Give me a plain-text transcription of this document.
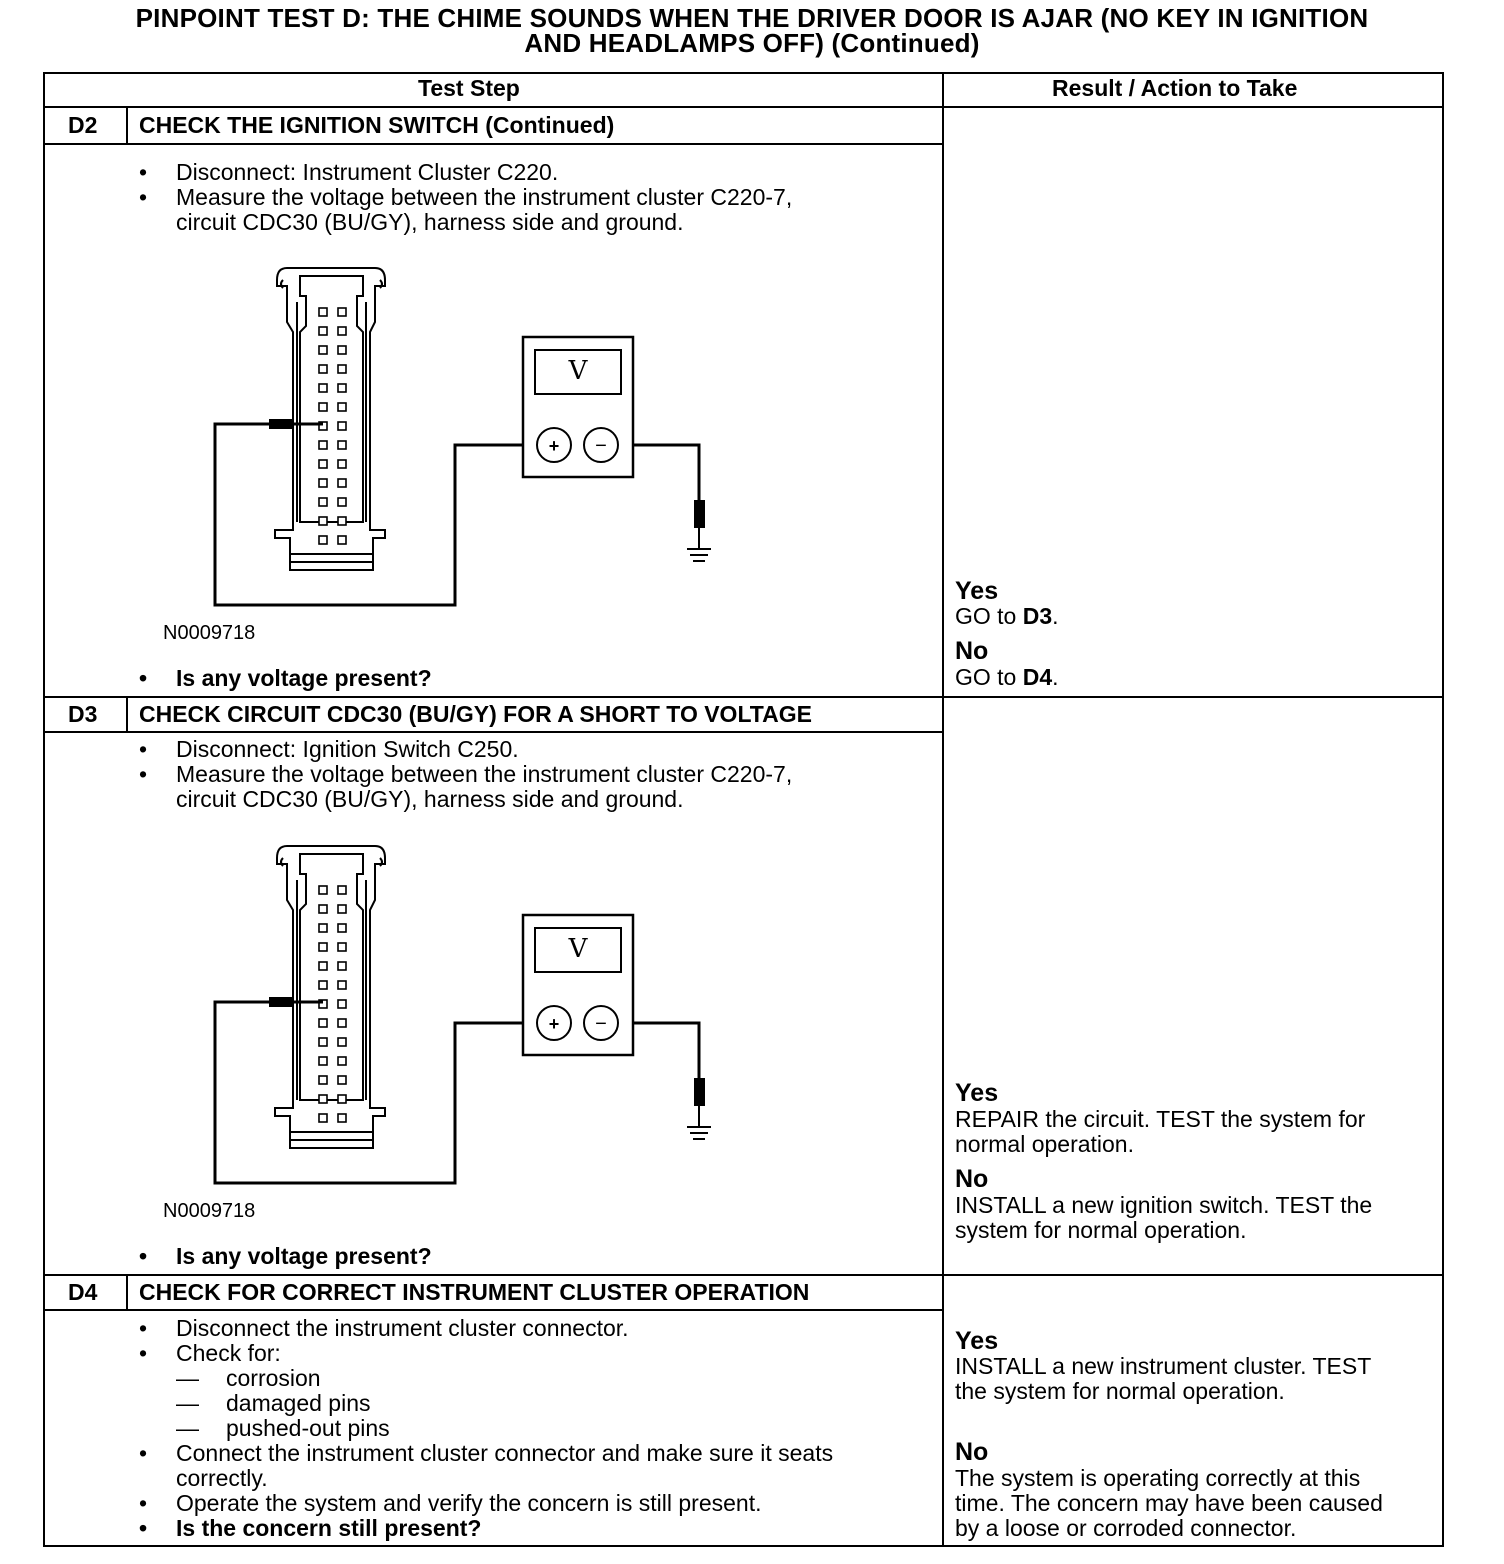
PINPOINT TEST D: THE CHIME SOUNDS WHEN THE DRIVER DOOR IS AJAR (NO KEY IN IGNITION
AND HEADLAMPS OFF) (Continued)
Test Step	Result / Action to Take
D2 CHECK THE IGNITION SWITCH (Continued)
• Disconnect: Instrument Cluster C220.
• Measure the voltage between the instrument cluster C220-7,
circuit CDC30 (BU/GY), harness side and ground.
V
+ −
N0009718
• Is any voltage present?
Yes
GO to D3.
No
GO to D4.
D3 CHECK CIRCUIT CDC30 (BU/GY) FOR A SHORT TO VOLTAGE
• Disconnect: Ignition Switch C250.
• Measure the voltage between the instrument cluster C220-7,
circuit CDC30 (BU/GY), harness side and ground.
V
+ −
N0009718
• Is any voltage present?
Yes
REPAIR the circuit. TEST the system for
normal operation.
No
INSTALL a new ignition switch. TEST the
system for normal operation.
D4 CHECK FOR CORRECT INSTRUMENT CLUSTER OPERATION
• Disconnect the instrument cluster connector.
• Check for:
— corrosion
— damaged pins
— pushed-out pins
• Connect the instrument cluster connector and make sure it seats
correctly.
• Operate the system and verify the concern is still present.
• Is the concern still present?
Yes
INSTALL a new instrument cluster. TEST
the system for normal operation.
No
The system is operating correctly at this
time. The concern may have been caused
by a loose or corroded connector.
